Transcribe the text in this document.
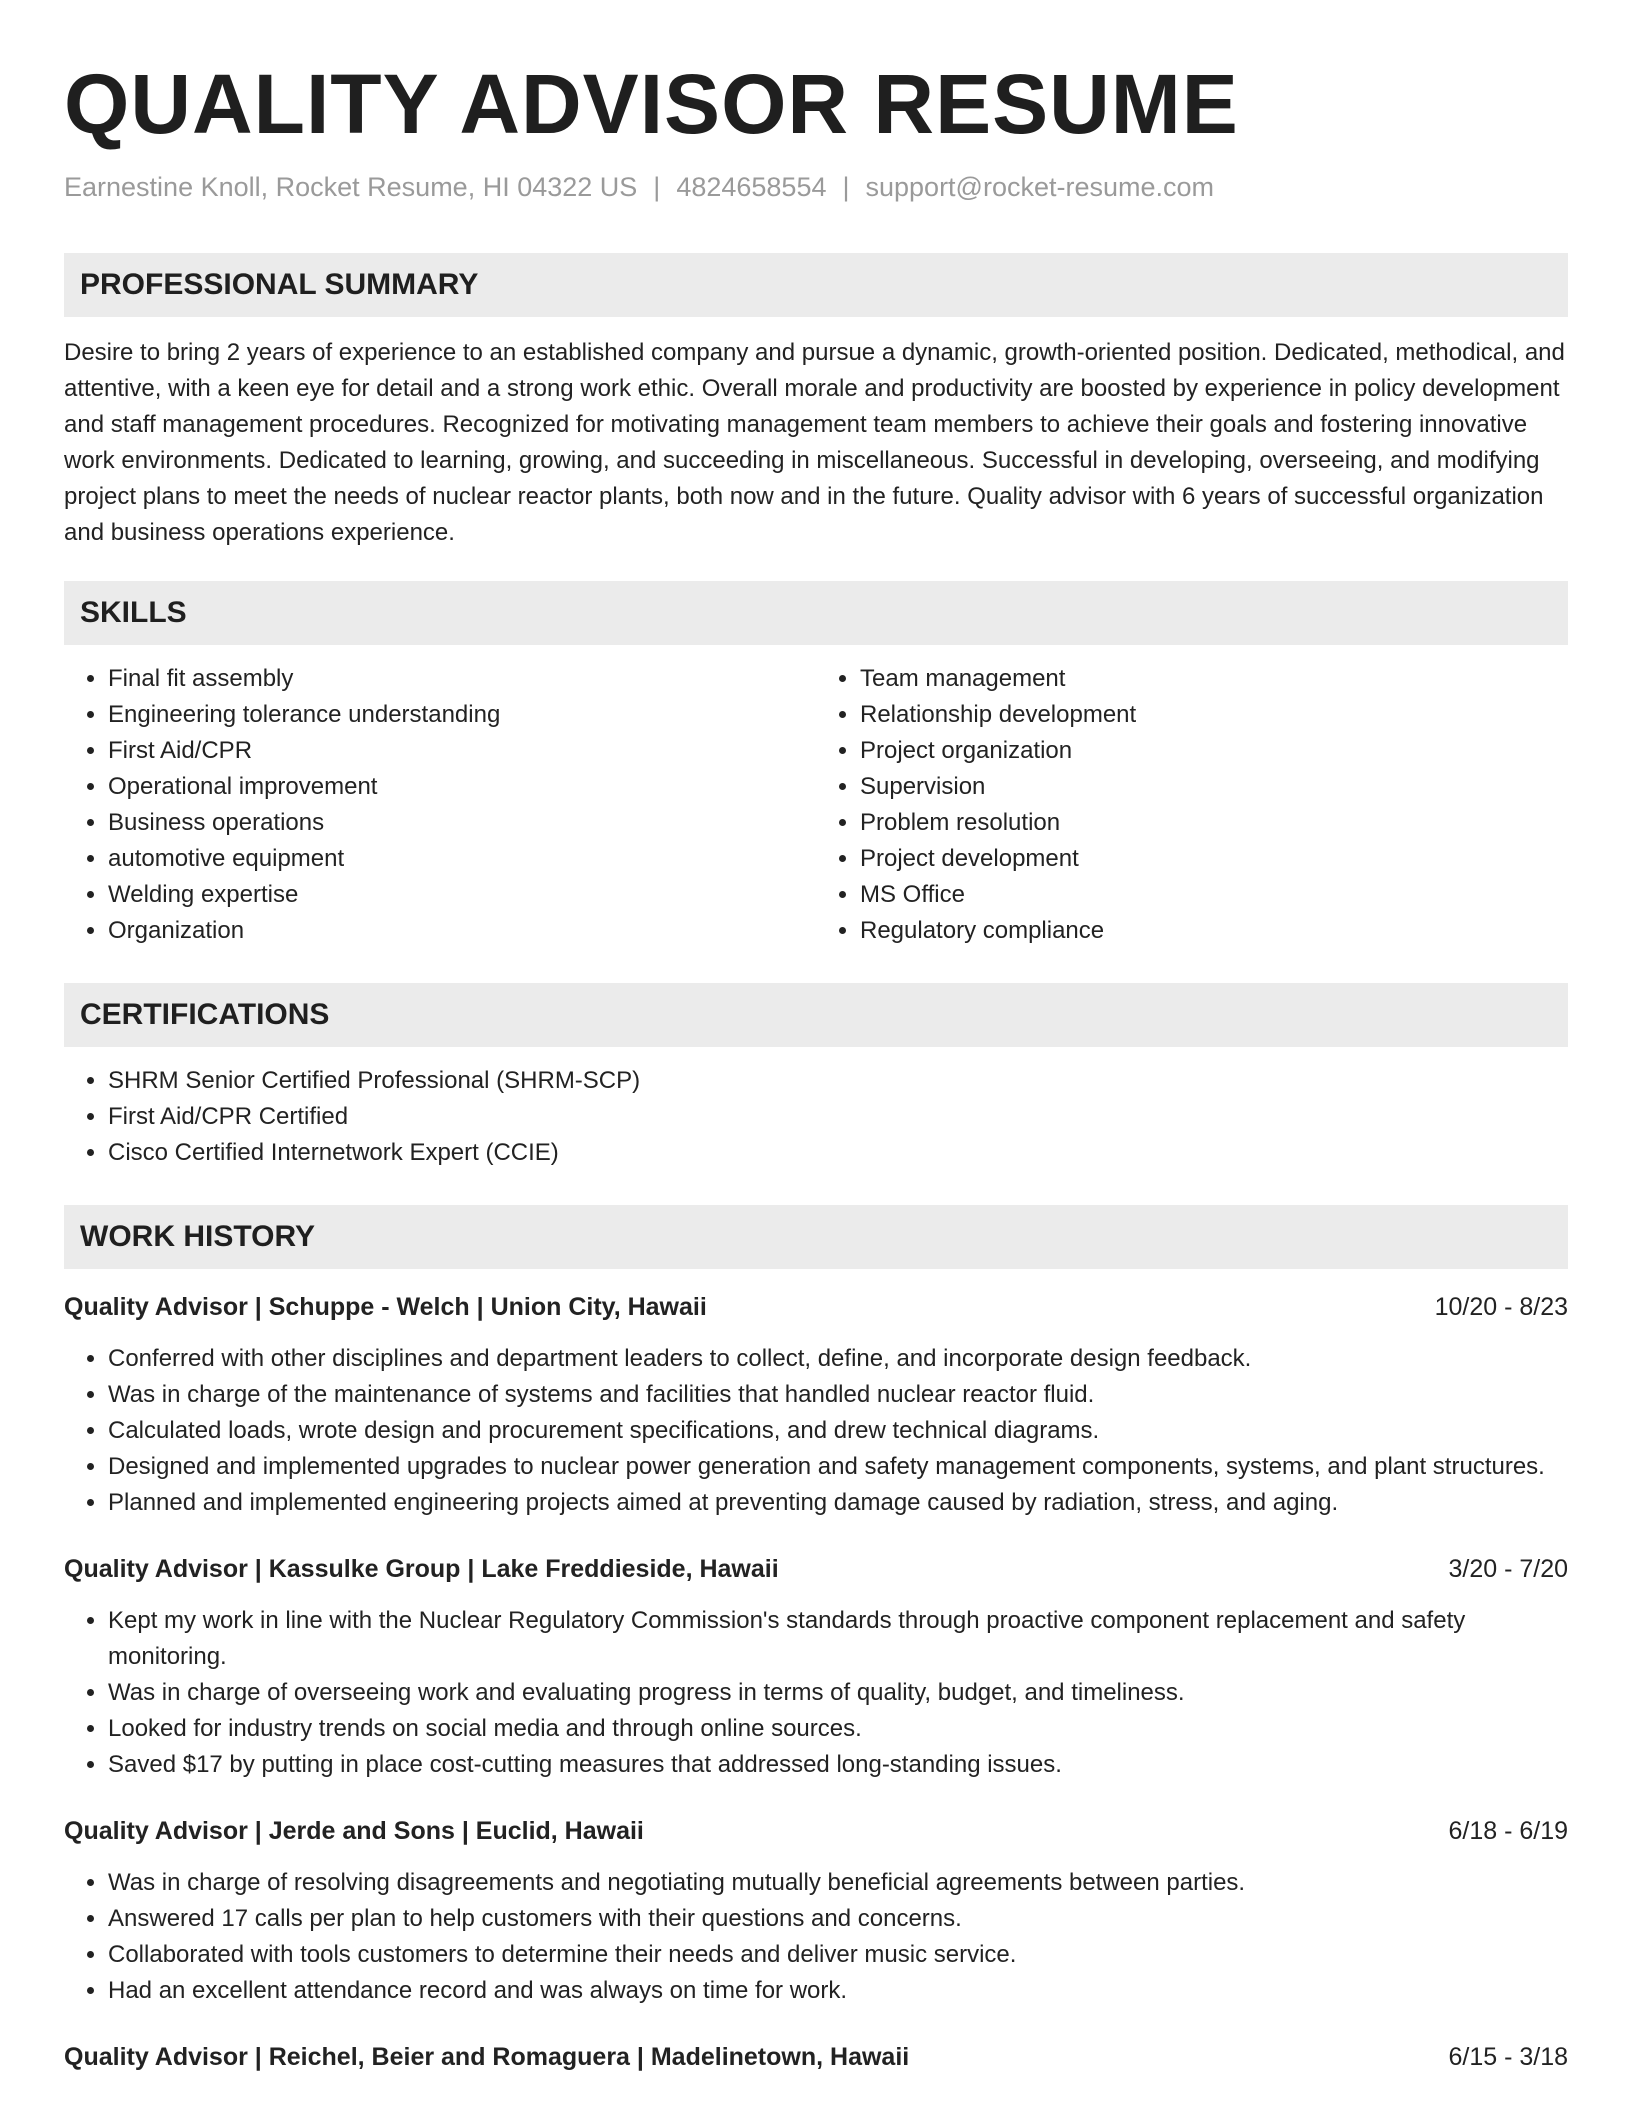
QUALITY ADVISOR RESUME
Earnestine Knoll, Rocket Resume, HI 04322 US | 4824658554 | support@rocket-resume.com
PROFESSIONAL SUMMARY

Desire to bring 2 years of experience to an established company and pursue a dynamic, growth-oriented position. Dedicated, methodical, and attentive, with a keen eye for detail and a strong work ethic. Overall morale and productivity are boosted by experience in policy development and staff management procedures. Recognized for motivating management team members to achieve their goals and fostering innovative work environments. Dedicated to learning, growing, and succeeding in miscellaneous. Successful in developing, overseeing, and modifying project plans to meet the needs of nuclear reactor plants, both now and in the future. Quality advisor with 6 years of successful organization and business operations experience.

SKILLS
• Final fit assembly
• Engineering tolerance understanding
• First Aid/CPR
• Operational improvement
• Business operations
• automotive equipment
• Welding expertise
• Organization
• Team management
• Relationship development
• Project organization
• Supervision
• Problem resolution
• Project development
• MS Office
• Regulatory compliance
CERTIFICATIONS
• SHRM Senior Certified Professional (SHRM-SCP)
• First Aid/CPR Certified
• Cisco Certified Internetwork Expert (CCIE)
WORK HISTORY
Quality Advisor | Schuppe - Welch | Union City, Hawaii	10/20 - 8/23
• Conferred with other disciplines and department leaders to collect, define, and incorporate design feedback.
• Was in charge of the maintenance of systems and facilities that handled nuclear reactor fluid.
• Calculated loads, wrote design and procurement specifications, and drew technical diagrams.
• Designed and implemented upgrades to nuclear power generation and safety management components, systems, and plant structures.
• Planned and implemented engineering projects aimed at preventing damage caused by radiation, stress, and aging.
Quality Advisor | Kassulke Group | Lake Freddieside, Hawaii	3/20 - 7/20
• Kept my work in line with the Nuclear Regulatory Commission's standards through proactive component replacement and safety monitoring.
• Was in charge of overseeing work and evaluating progress in terms of quality, budget, and timeliness.
• Looked for industry trends on social media and through online sources.
• Saved $17 by putting in place cost-cutting measures that addressed long-standing issues.
Quality Advisor | Jerde and Sons | Euclid, Hawaii	6/18 - 6/19
• Was in charge of resolving disagreements and negotiating mutually beneficial agreements between parties.
• Answered 17 calls per plan to help customers with their questions and concerns.
• Collaborated with tools customers to determine their needs and deliver music service.
• Had an excellent attendance record and was always on time for work.
Quality Advisor | Reichel, Beier and Romaguera | Madelinetown, Hawaii	6/15 - 3/18
